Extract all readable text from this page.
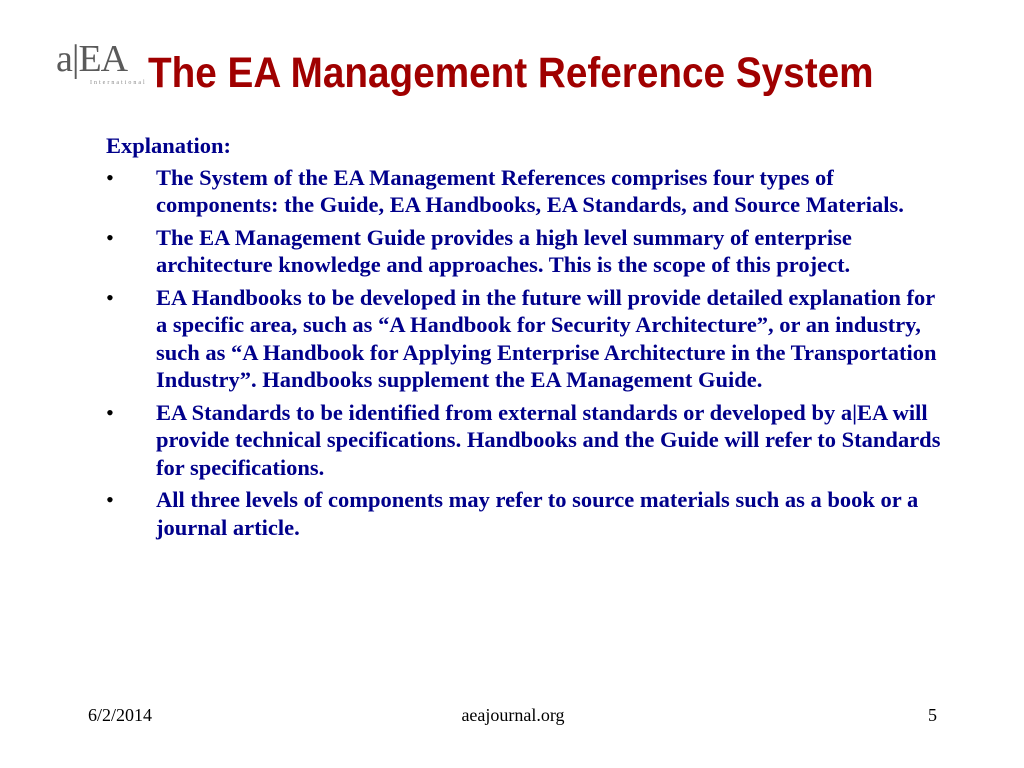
a|EA
International The EA Management Reference System
Explanation:
• The System of the EA Management References comprises four types of components: the Guide, EA Handbooks, EA Standards, and Source Materials.
• The EA Management Guide provides a high level summary of enterprise architecture knowledge and approaches. This is the scope of this project.
• EA Handbooks to be developed in the future will provide detailed explanation for a specific area, such as “A Handbook for Security Architecture”, or an industry, such as “A Handbook for Applying Enterprise Architecture in the Transportation Industry”. Handbooks supplement the EA Management Guide.
• EA Standards to be identified from external standards or developed by a|EA will provide technical specifications. Handbooks and the Guide will refer to Standards for specifications.
• All three levels of components may refer to source materials such as a book or a journal article.
6/2/2014	aeajournal.org	5
